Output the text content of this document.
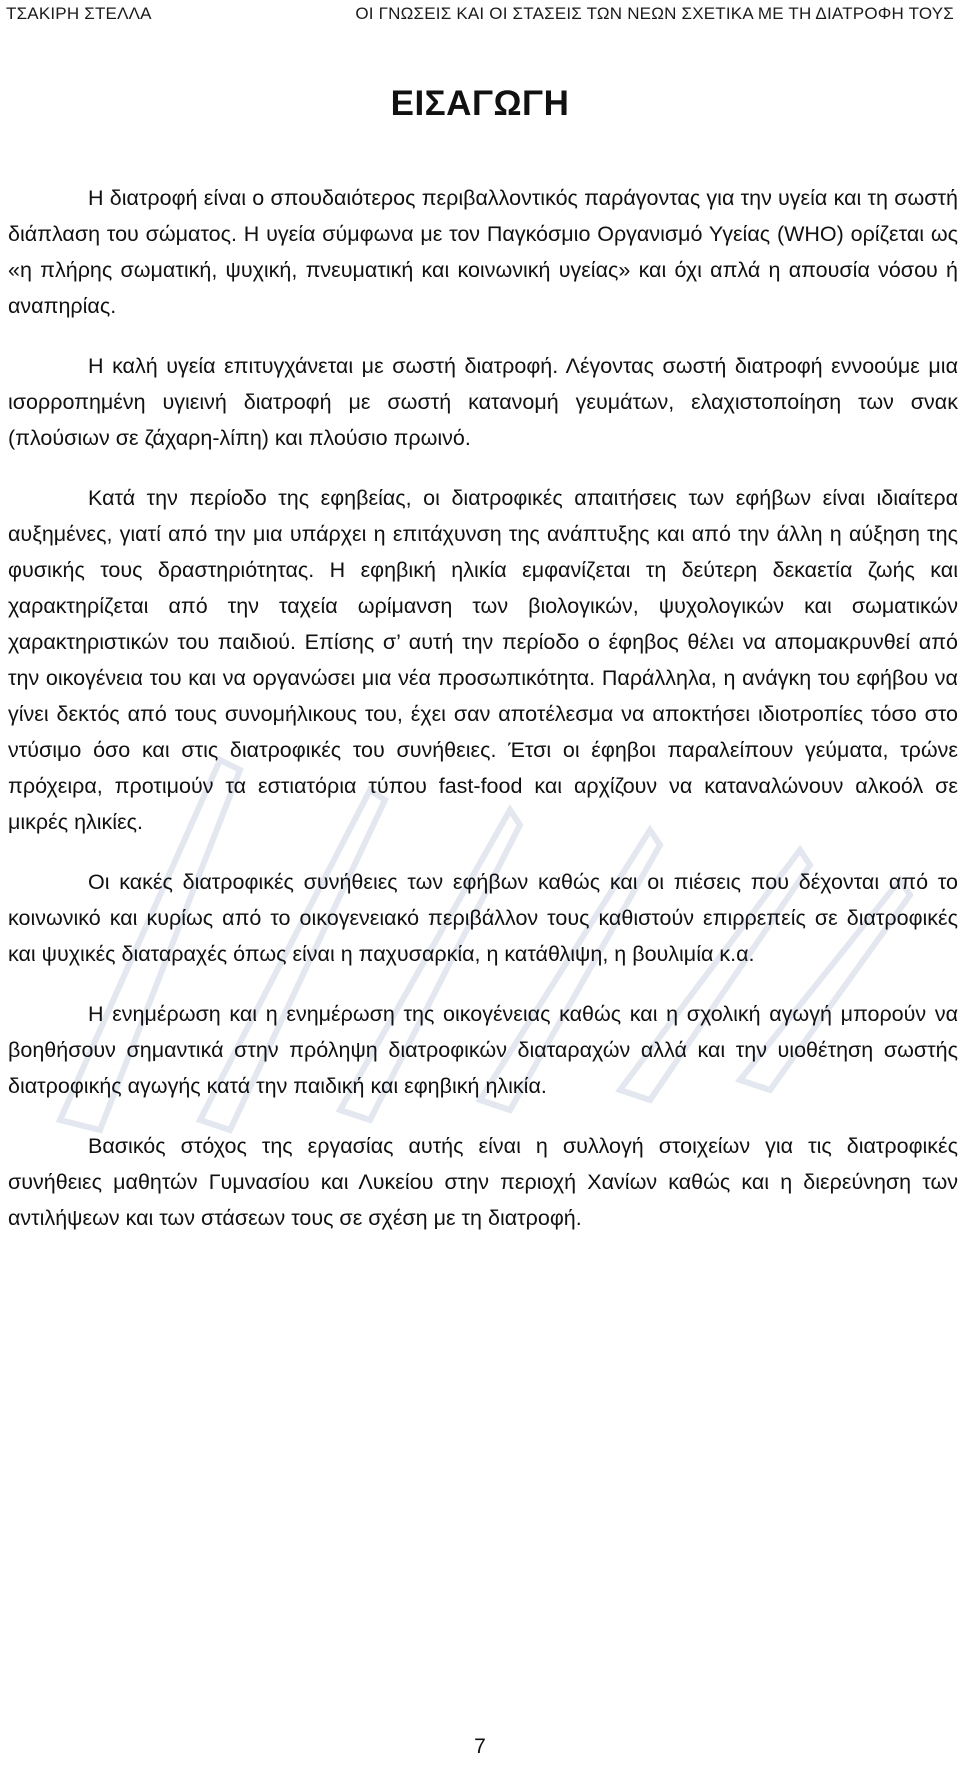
ΤΣΑΚΙΡΗ ΣΤΕΛΛΑ	ΟΙ ΓΝΩΣΕΙΣ ΚΑΙ ΟΙ ΣΤΑΣΕΙΣ ΤΩΝ ΝΕΩΝ ΣΧΕΤΙΚΑ ΜΕ ΤΗ ΔΙΑΤΡΟΦΗ ΤΟΥΣ
ΕΙΣΑΓΩΓΗ

Η διατροφή είναι ο σπουδαιότερος περιβαλλοντικός παράγοντας για την υγεία και τη σωστή διάπλαση του σώματος. Η υγεία σύμφωνα με τον Παγκόσμιο Οργανισμό Υγείας (WHO) ορίζεται ως «η πλήρης σωματική, ψυχική, πνευματική και κοινωνική υγείας» και όχι απλά η απουσία νόσου ή αναπηρίας.

Η καλή υγεία επιτυγχάνεται με σωστή διατροφή. Λέγοντας σωστή διατροφή εννοούμε μια ισορροπημένη υγιεινή διατροφή με σωστή κατανομή γευμάτων, ελαχιστοποίηση των σνακ (πλούσιων σε ζάχαρη-λίπη) και πλούσιο πρωινό.

Κατά την περίοδο της εφηβείας, οι διατροφικές απαιτήσεις των εφήβων είναι ιδιαίτερα αυξημένες, γιατί από την μια υπάρχει η επιτάχυνση της ανάπτυξης και από την άλλη η αύξηση της φυσικής τους δραστηριότητας. Η εφηβική ηλικία εμφανίζεται τη δεύτερη δεκαετία ζωής και χαρακτηρίζεται από την ταχεία ωρίμανση των βιολογικών, ψυχολογικών και σωματικών χαρακτηριστικών του παιδιού. Επίσης σ’ αυτή την περίοδο ο έφηβος θέλει να απομακρυνθεί από την οικογένεια του και να οργανώσει μια νέα προσωπικότητα. Παράλληλα, η ανάγκη του εφήβου να γίνει δεκτός από τους συνομήλικους του, έχει σαν αποτέλεσμα να αποκτήσει ιδιοτροπίες τόσο στο ντύσιμο όσο και στις διατροφικές του συνήθειες. Έτσι οι έφηβοι παραλείπουν γεύματα, τρώνε πρόχειρα, προτιμούν τα εστιατόρια τύπου fast-food και αρχίζουν να καταναλώνουν αλκοόλ σε μικρές ηλικίες.

Οι κακές διατροφικές συνήθειες των εφήβων καθώς και οι πιέσεις που δέχονται από το κοινωνικό και κυρίως από το οικογενειακό περιβάλλον τους καθιστούν επιρρεπείς σε διατροφικές και ψυχικές διαταραχές όπως είναι η παχυσαρκία, η κατάθλιψη, η βουλιμία κ.α.

Η ενημέρωση και η ενημέρωση της οικογένειας καθώς και η σχολική αγωγή μπορούν να βοηθήσουν σημαντικά στην πρόληψη διατροφικών διαταραχών αλλά και την υιοθέτηση σωστής διατροφικής αγωγής κατά την παιδική και εφηβική ηλικία.

Βασικός στόχος της εργασίας αυτής είναι η συλλογή στοιχείων για τις διατροφικές συνήθειες μαθητών Γυμνασίου και Λυκείου στην περιοχή Χανίων καθώς και η διερεύνηση των αντιλήψεων και των στάσεων τους σε σχέση με τη διατροφή.

7
